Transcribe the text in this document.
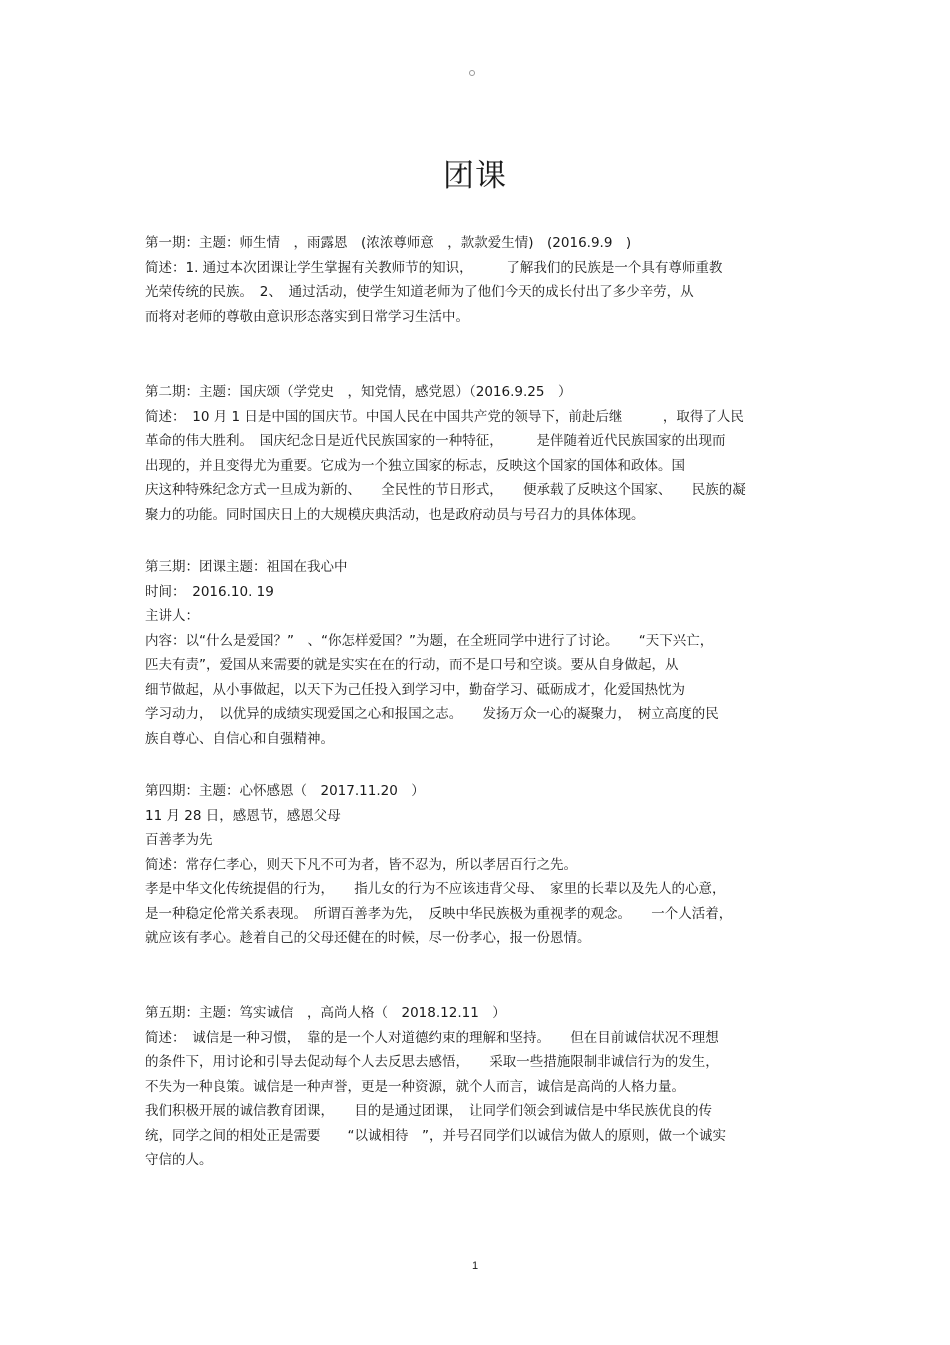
团课
第一期：主题：师生情　，雨露恩　(浓浓尊师意　，款款爱生情)　(2016.9.9　)
简述：1. 通过本次团课让学生掌握有关教师节的知识，　　　了解我们的民族是一个具有尊师重教
光荣传统的民族。　2、　通过活动，使学生知道老师为了他们今天的成长付出了多少辛劳，从
而将对老师的尊敬由意识形态落实到日常学习生活中。
第二期：主题：国庆颂（学党史　，知党情，感党恩）（2016.9.25　）
简述：　10 月 1 日是中国的国庆节。中国人民在中国共产党的领导下，前赴后继　　　，取得了人民
革命的伟大胜利。　国庆纪念日是近代民族国家的一种特征，　　　是伴随着近代民族国家的出现而
出现的，并且变得尤为重要。它成为一个独立国家的标志，反映这个国家的国体和政体。国
庆这种特殊纪念方式一旦成为新的、　　全民性的节日形式，　　便承载了反映这个国家、　　民族的凝
聚力的功能。同时国庆日上的大规模庆典活动，也是政府动员与号召力的具体体现。
第三期：团课主题：祖国在我心中
时间：　2016.10. 19
主讲人：
内容：以“什么是爱国？”　、“你怎样爱国？”为题，在全班同学中进行了讨论。　　“天下兴亡，
匹夫有责”，爱国从来需要的就是实实在在的行动，而不是口号和空谈。要从自身做起，从
细节做起，从小事做起，以天下为己任投入到学习中，勤奋学习、砥砺成才，化爱国热忱为
学习动力，　以优异的成绩实现爱国之心和报国之志。　　发扬万众一心的凝聚力，　树立高度的民
族自尊心、自信心和自强精神。
第四期：主题：心怀感恩（　2017.11.20　）
11 月 28 日，感恩节，感恩父母
百善孝为先
简述：常存仁孝心，则天下凡不可为者，皆不忍为，所以孝居百行之先。
孝是中华文化传统提倡的行为，　　指儿女的行为不应该违背父母、　家里的长辈以及先人的心意，
是一种稳定伦常关系表现。　所谓百善孝为先，　反映中华民族极为重视孝的观念。　　一个人活着，
就应该有孝心。趁着自己的父母还健在的时候，尽一份孝心，报一份恩情。
第五期：主题：笃实诚信　，高尚人格（　2018.12.11　）
简述：　诚信是一种习惯，　靠的是一个人对道德约束的理解和坚持。　　但在目前诚信状况不理想
的条件下，用讨论和引导去促动每个人去反思去感悟，　　采取一些措施限制非诚信行为的发生，
不失为一种良策。诚信是一种声誉，更是一种资源，就个人而言，诚信是高尚的人格力量。
我们积极开展的诚信教育团课，　　目的是通过团课，　让同学们领会到诚信是中华民族优良的传
统，同学之间的相处正是需要　　“以诚相待　”，并号召同学们以诚信为做人的原则，做一个诚实
守信的人。
1
